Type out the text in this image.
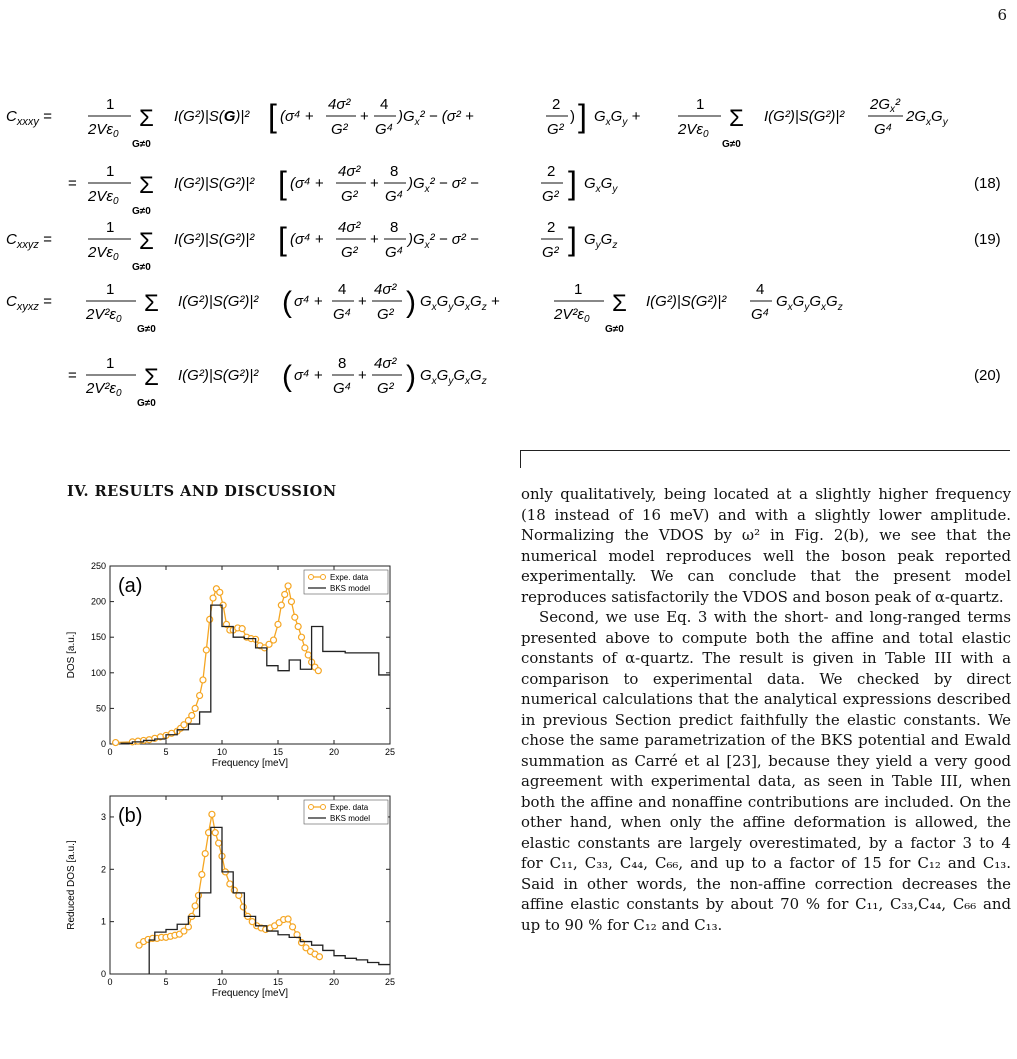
6
$C_{xxxy}$ =
1
$2V\varepsilon_0$
Σ
G≠0
I(G²)|S(G)|² [ (σ⁴ +
4σ²
G²
+
4
G⁴
)$G_x^2 - (\sigma^2$ +
2
G²
) ] $G_xG_y$ +
1
$2V\varepsilon_0$
Σ
G≠0
I(G²)|S(G²)|²
$2G_x^2$
G⁴
$2G_xG_y$
=
1
$2V\varepsilon_0$
Σ
G≠0
I(G²)|S(G²)|² [ (σ⁴ +
4σ²
G²
+
8
G⁴
)$G_x^2 - \sigma^2$ −
2
G² ] $G_xG_y$	(18)
$C_{xxyz}$ =
1
$2V\varepsilon_0$
Σ
G≠0
I(G²)|S(G²)|² [ (σ⁴ +
4σ²
G²
+
8
G⁴
)$G_x^2 - \sigma^2$ −
2
G² ] $G_yG_z$	(19)
$C_{xyxz}$ =
1
$2V^2\varepsilon_0$
Σ
G≠0
I(G²)|S(G²)|² ( σ⁴ +
4
G⁴
+
4σ²
G² ) $G_xG_yG_xG_z$ +
1
$2V^2\varepsilon_0$
Σ
G≠0
I(G²)|S(G²)|²
4
G⁴
$G_xG_yG_xG_z$
=
1
$2V^2\varepsilon_0$
Σ
G≠0
I(G²)|S(G²)|² ( σ⁴ +
8
G⁴
+
4σ²
G² ) $G_xG_yG_xG_z$	(20)
IV. RESULTS AND DISCUSSION
0	5	10	15	20	25
0
50
100
150
200
250
Frequency [meV]
DOS [a.u.]
(a)	Expe. data
BKS model
0	5	10	15	20	25
0
1
2
3
Frequency [meV]
Reduced DOS [a.u.]
(b)	Expe. data
BKS model

only qualitatively, being located at a slightly higher frequency (18 instead of 16 meV) and with a slightly lower amplitude. Normalizing the VDOS by ω² in Fig. 2(b), we see that the numerical model reproduces well the boson peak reported experimentally. We can conclude that the present model reproduces satisfactorily the VDOS and boson peak of α-quartz.

Second, we use Eq. 3 with the short- and long-ranged terms presented above to compute both the affine and total elastic constants of α-quartz. The result is given in Table III with a comparison to experimental data. We checked by direct numerical calculations that the analytical expressions described in previous Section predict faithfully the elastic constants. We chose the same parametrization of the BKS potential and Ewald summation as Carré et al [23], because they yield a very good agreement with experimental data, as seen in Table III, when both the affine and nonaffine contributions are included. On the other hand, when only the affine deformation is allowed, the elastic constants are largely overestimated, by a factor 3 to 4 for C₁₁, C₃₃, C₄₄, C₆₆, and up to a factor of 15 for C₁₂ and C₁₃. Said in other words, the non-affine correction decreases the affine elastic constants by about 70 % for C₁₁, C₃₃,C₄₄, C₆₆ and up to 90 % for C₁₂ and C₁₃.
